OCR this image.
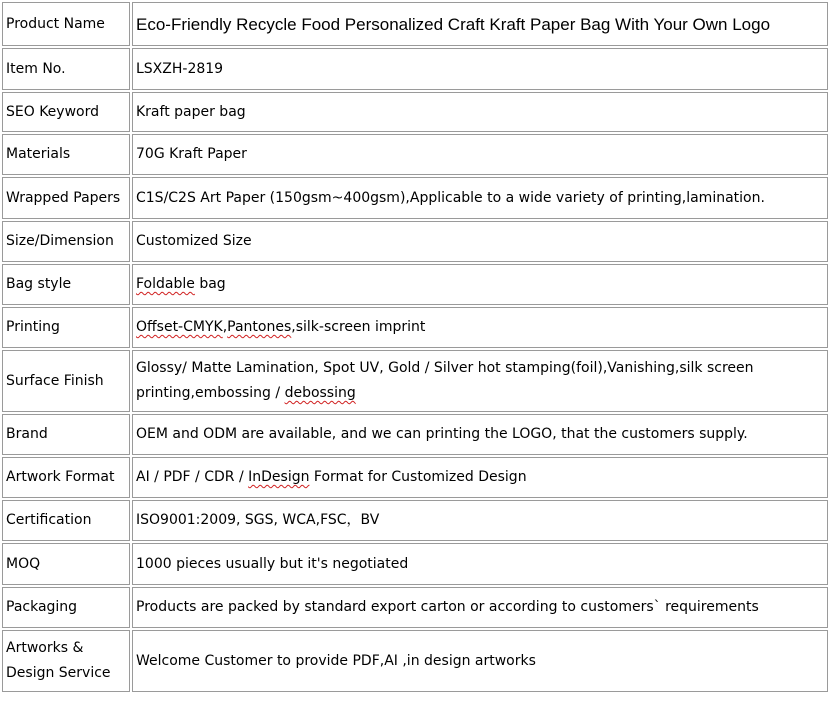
Product Name	Eco-Friendly Recycle Food Personalized Craft Kraft Paper Bag With Your Own Logo
Item No.	LSXZH-2819
SEO Keyword	Kraft paper bag
Materials	70G Kraft Paper
Wrapped Papers	C1S/C2S Art Paper (150gsm~400gsm),Applicable to a wide variety of printing,lamination.
Size/Dimension	Customized Size
Bag style	Foldable bag
Printing	Offset-CMYK,Pantones,silk-screen imprint
Surface Finish	Glossy/ Matte Lamination, Spot UV, Gold / Silver hot stamping(foil),Vanishing,silk screen printing,embossing / debossing
Brand	OEM and ODM are available, and we can printing the LOGO, that the customers supply.
Artwork Format	AI / PDF / CDR / InDesign Format for Customized Design
Certification	ISO9001:2009, SGS, WCA,FSC，BV
MOQ	1000 pieces usually but it's negotiated
Packaging	Products are packed by standard export carton or according to customers` requirements
Artworks & Design Service	Welcome Customer to provide PDF,AI ,in design artworks
